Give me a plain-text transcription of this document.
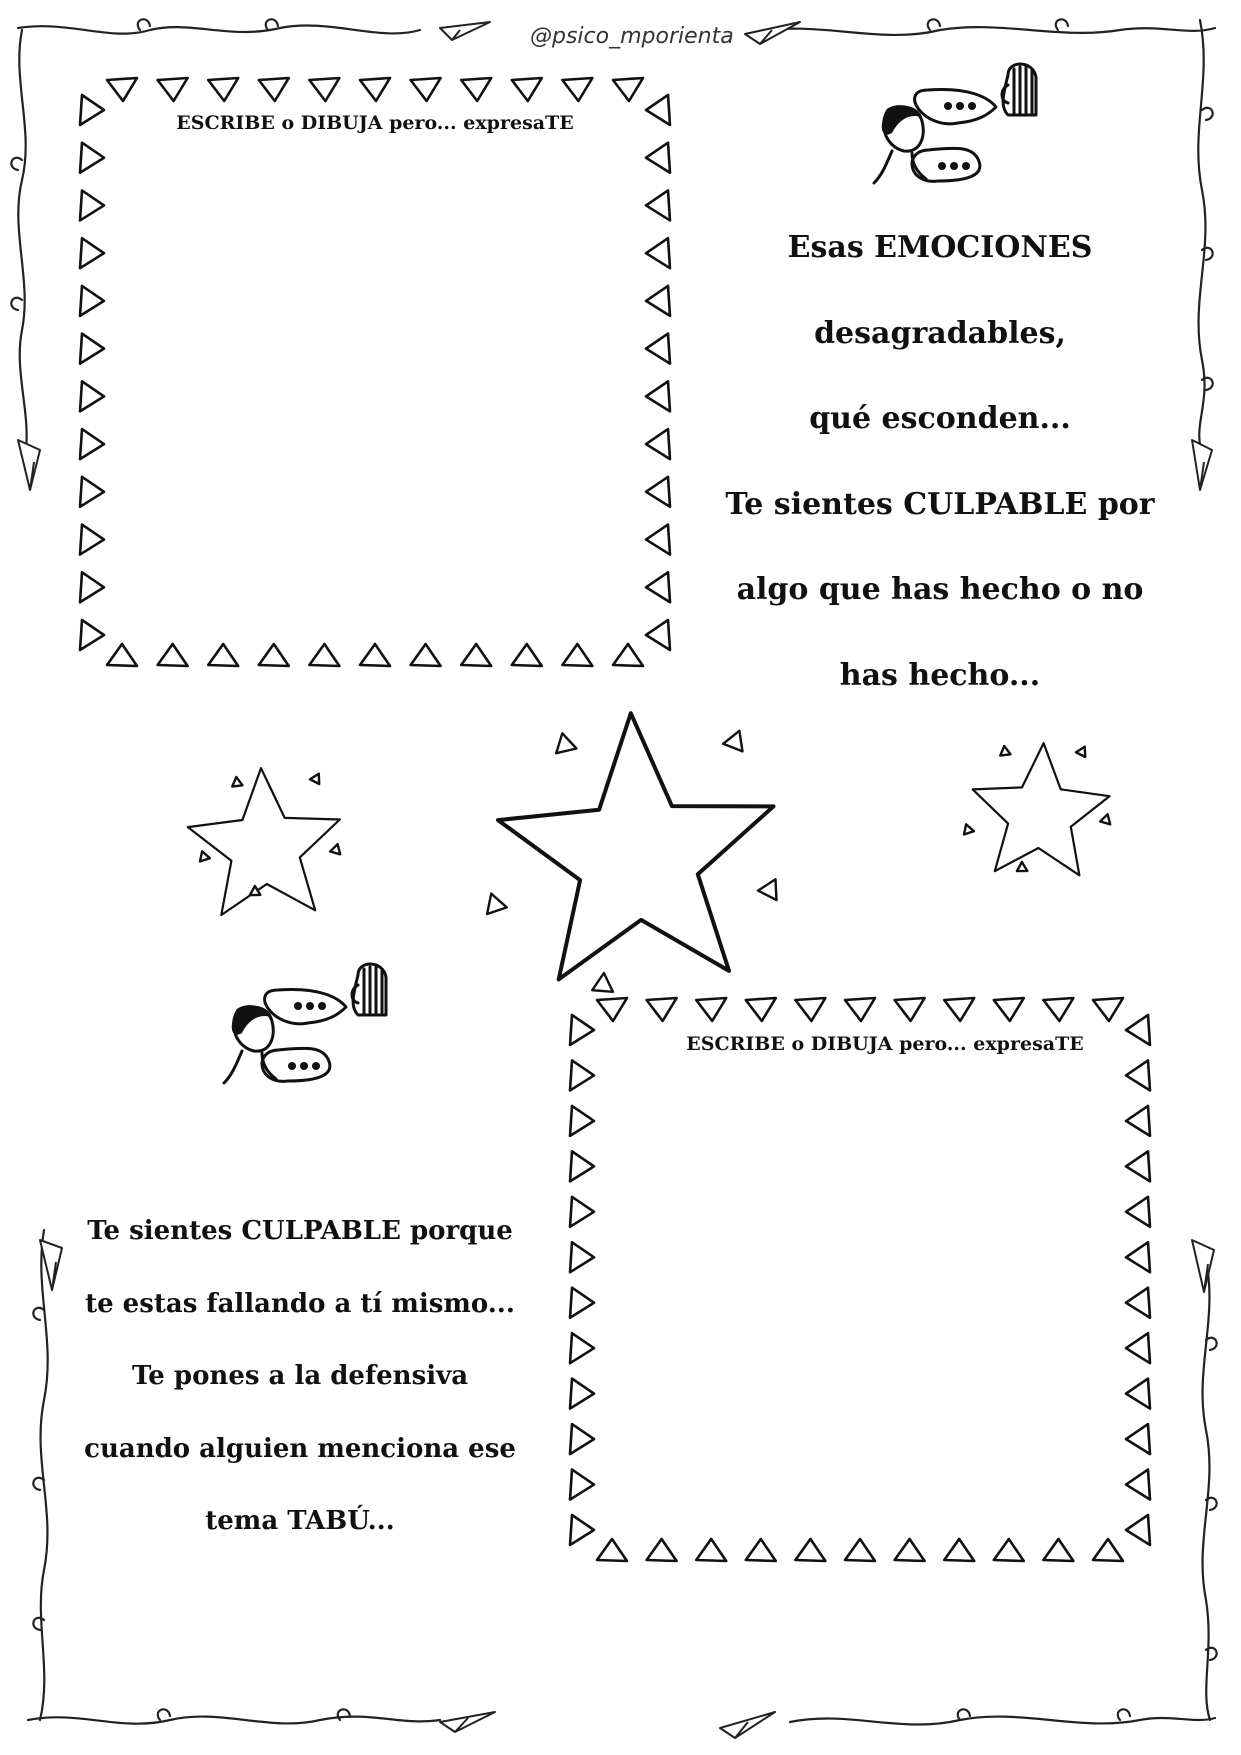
@psico_mporienta
ESCRIBE o DIBUJA pero... expresaTE
ESCRIBE o DIBUJA pero... expresaTE

Esas EMOCIONES

desagradables,

qué esconden...

Te sientes CULPABLE por

algo que has hecho o no

has hecho...

Te sientes CULPABLE porque

te estas fallando a tí mismo...

Te pones a la defensiva

cuando alguien menciona ese

tema TABÚ...
